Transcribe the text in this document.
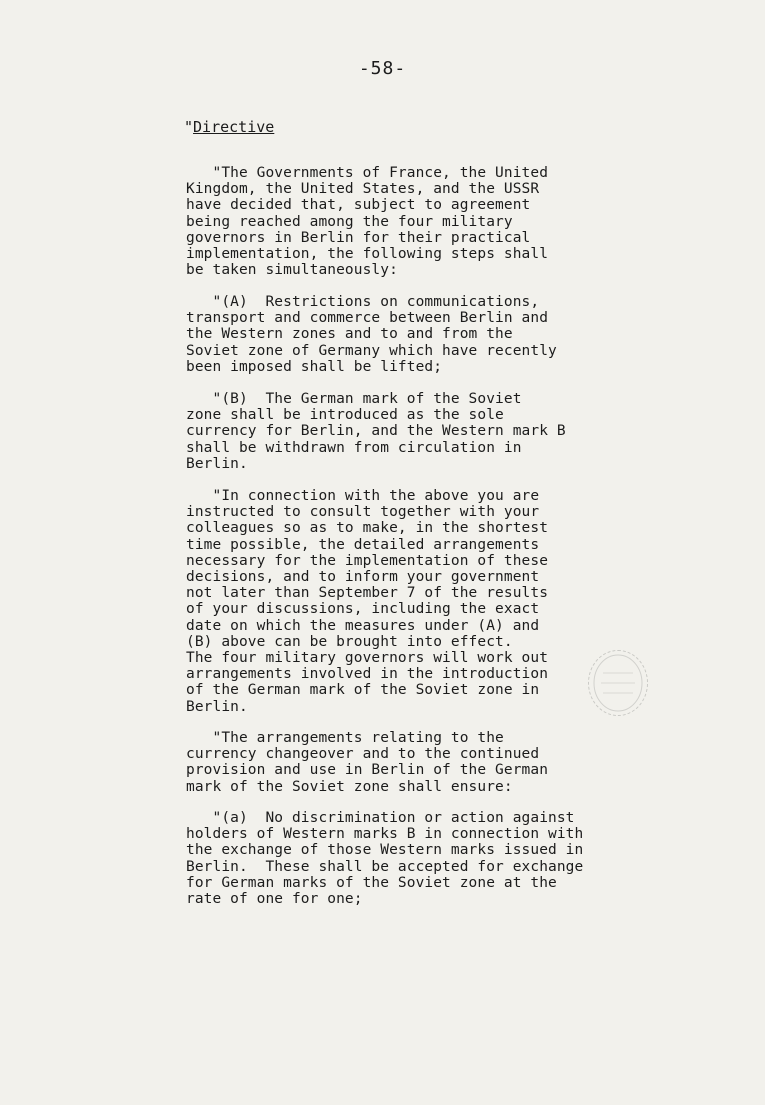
-58-
"Directive
"The Governments of France, the United
Kingdom, the United States, and the USSR
have decided that, subject to agreement
being reached among the four military
governors in Berlin for their practical
implementation, the following steps shall
be taken simultaneously:
"(A)  Restrictions on communications,
transport and commerce between Berlin and
the Western zones and to and from the
Soviet zone of Germany which have recently
been imposed shall be lifted;
"(B)  The German mark of the Soviet
zone shall be introduced as the sole
currency for Berlin, and the Western mark B
shall be withdrawn from circulation in
Berlin.
"In connection with the above you are
instructed to consult together with your
colleagues so as to make, in the shortest
time possible, the detailed arrangements
necessary for the implementation of these
decisions, and to inform your government
not later than September 7 of the results
of your discussions, including the exact
date on which the measures under (A) and
(B) above can be brought into effect.
The four military governors will work out
arrangements involved in the introduction
of the German mark of the Soviet zone in
Berlin.
"The arrangements relating to the
currency changeover and to the continued
provision and use in Berlin of the German
mark of the Soviet zone shall ensure:
"(a)  No discrimination or action against
holders of Western marks B in connection with
the exchange of those Western marks issued in
Berlin.  These shall be accepted for exchange
for German marks of the Soviet zone at the
rate of one for one;
